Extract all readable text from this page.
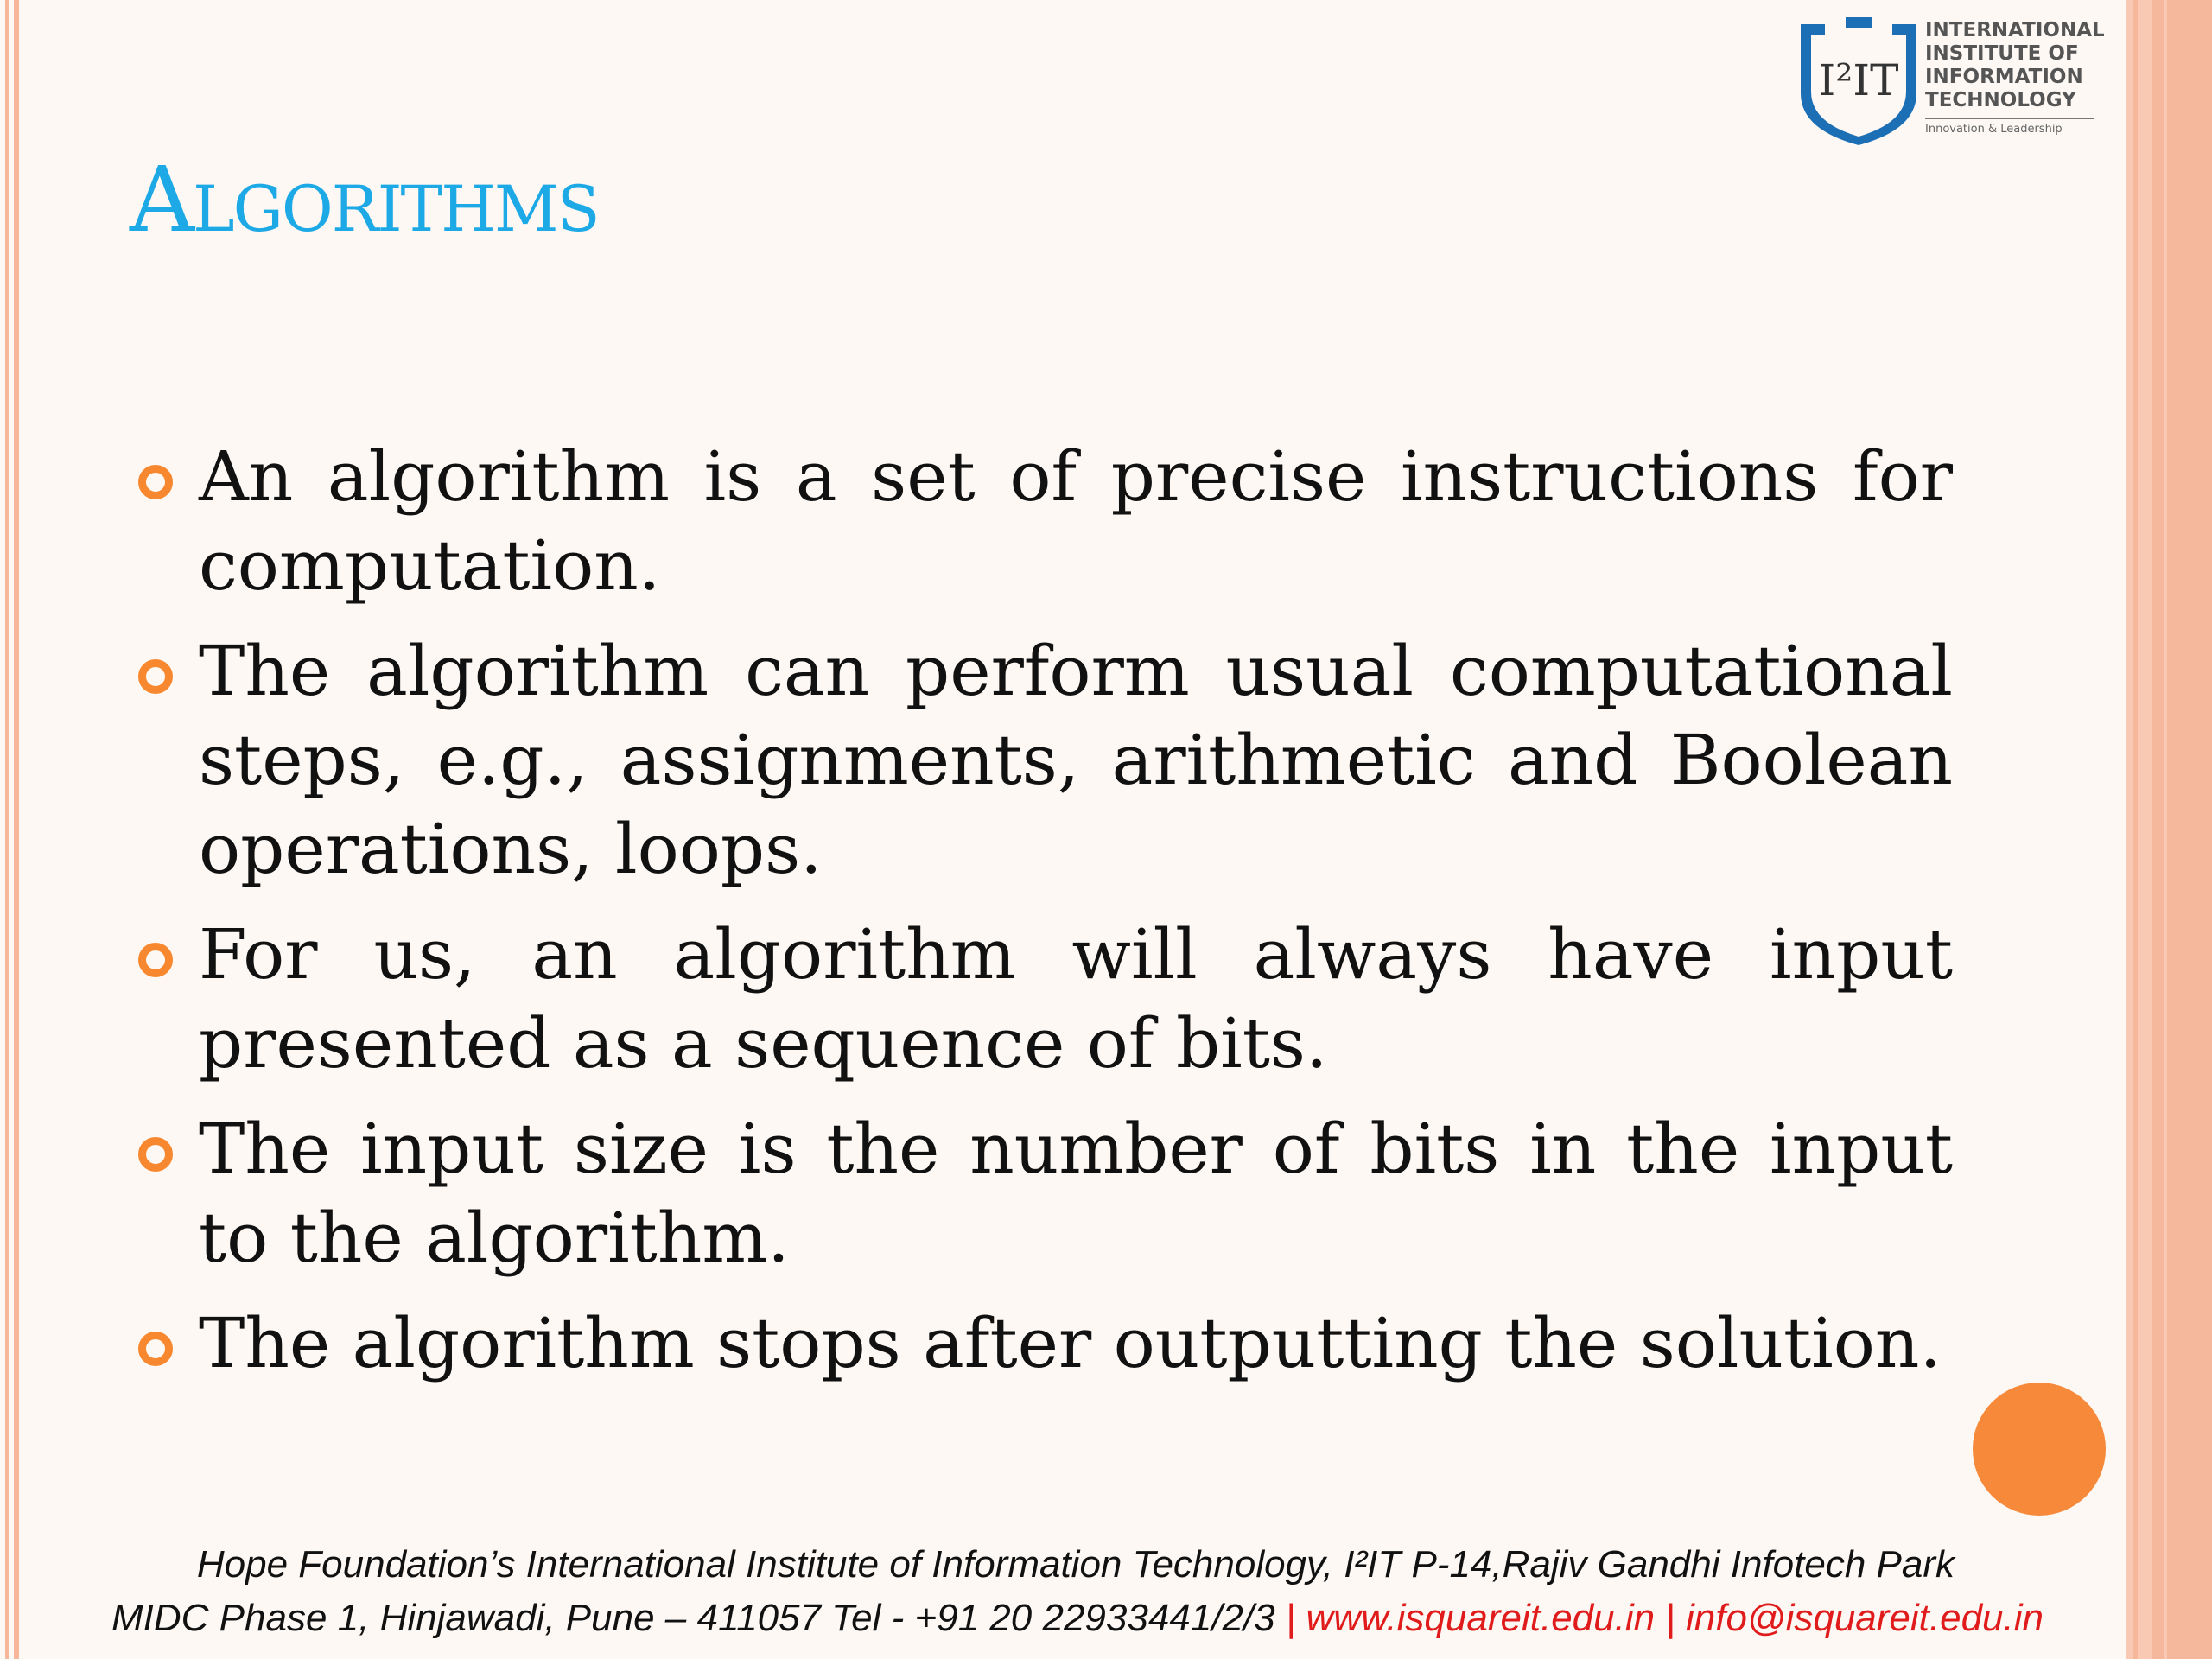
I²IT
INTERNATIONAL
INSTITUTE OF
INFORMATION
TECHNOLOGY
Innovation & Leadership
Algorithms
An algorithm is a set of precise instructions for computation.
The algorithm can perform usual computational steps, e.g., assignments, arithmetic and Boolean operations, loops.
For us, an algorithm will always have input presented as a sequence of bits.
The input size is the number of bits in the input to the algorithm.
The algorithm stops after outputting the solution.
Hope Foundation’s International Institute of Information Technology, I²IT P-14,Rajiv Gandhi Infotech Park
MIDC Phase 1, Hinjawadi, Pune – 411057 Tel - +91 20 22933441/2/3 | www.isquareit.edu.in | info@isquareit.edu.in
